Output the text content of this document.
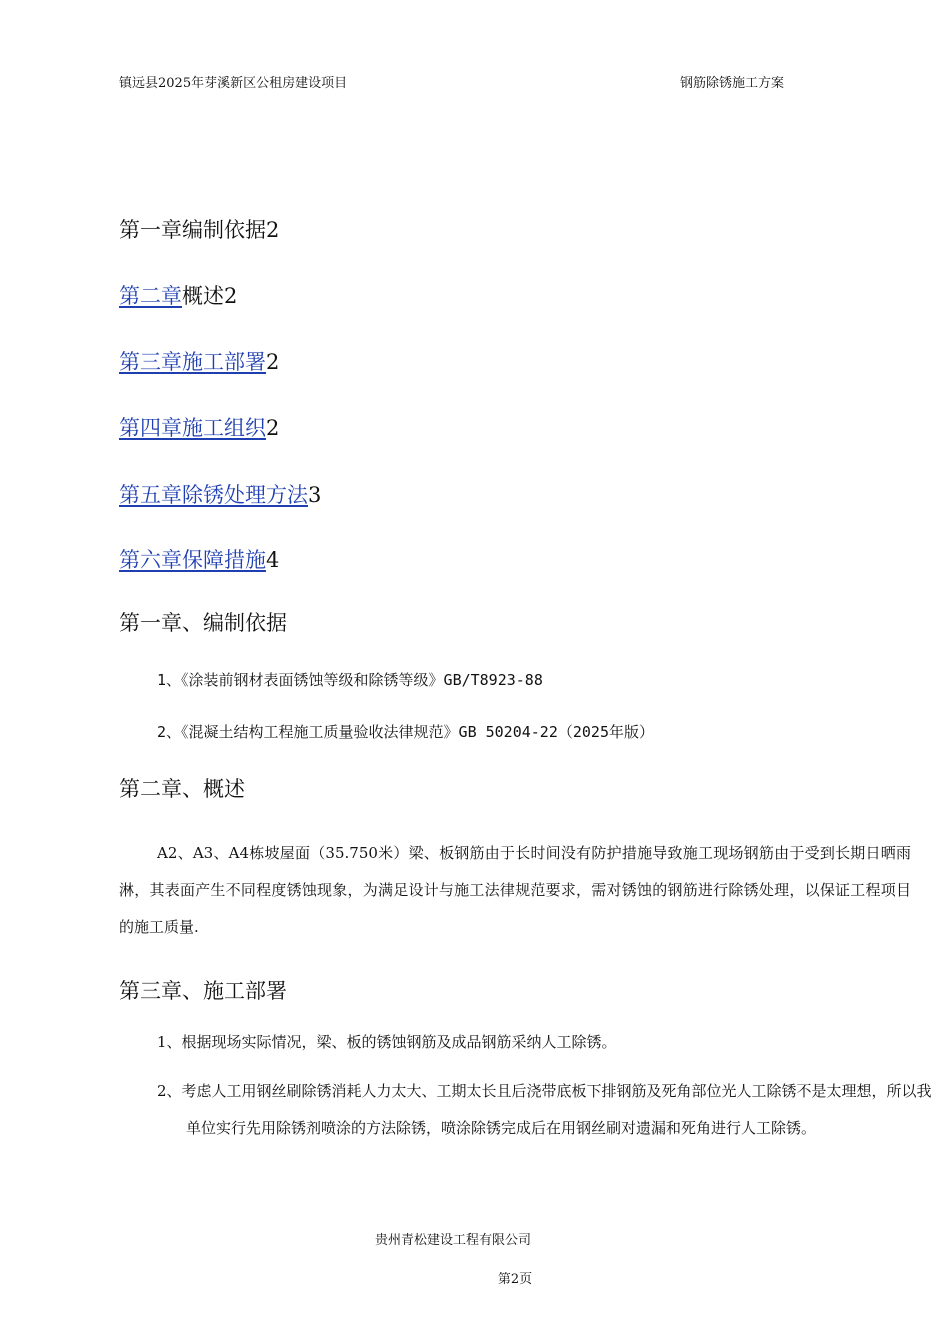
镇远县2025年芽溪新区公租房建设项目	钢筋除锈施工方案
第一章编制依据2
第二章概述2
第三章施工部署2
第四章施工组织2
第五章除锈处理方法3
第六章保障措施4
第一章、编制依据
1、《涂装前钢材表面锈蚀等级和除锈等级》GB/T8923-88
2、《混凝土结构工程施工质量验收法律规范》GB 50204-22（2025年版）
第二章、概述
A2、A3、A4栋坡屋面（35.750米）梁、板钢筋由于长时间没有防护措施导致施工现场钢筋由于受到长期日晒雨淋，其表面产生不同程度锈蚀现象，为满足设计与施工法律规范要求，需对锈蚀的钢筋进行除锈处理，以保证工程项目的施工质量.
第三章、施工部署
1、根据现场实际情况，梁、板的锈蚀钢筋及成品钢筋采纳人工除锈。
2、考虑人工用钢丝刷除锈消耗人力太大、工期太长且后浇带底板下排钢筋及死角部位光人工除锈不是太理想，所以我单位实行先用除锈剂喷涂的方法除锈，喷涂除锈完成后在用钢丝刷对遗漏和死角进行人工除锈。
贵州青松建设工程有限公司
第2页
